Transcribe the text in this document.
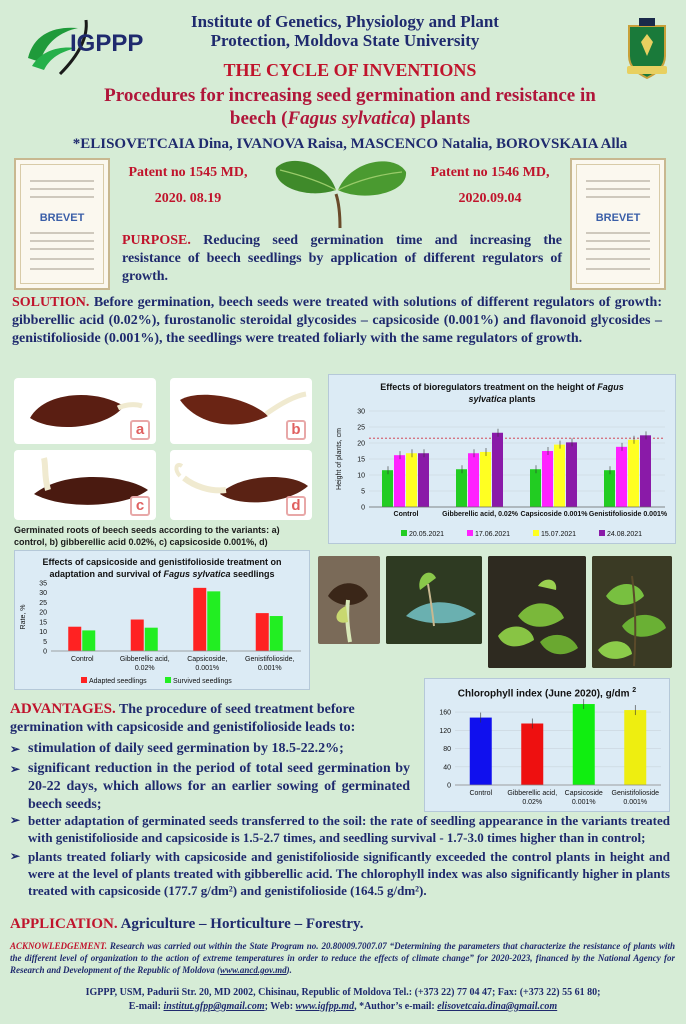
IGPPP
Institute of Genetics, Physiology and Plant Protection, Moldova State University
THE CYCLE OF INVENTIONS
Procedures for increasing seed germination and resistance in beech (Fagus sylvatica) plants
*ELISOVETCAIA Dina, IVANOVA Raisa, MASCENCO Natalia, BOROVSKAIA Alla
BREVET
Patent no 1545 MD,
2020. 08.19
Patent no 1546 MD,
2020.09.04
BREVET
PURPOSE. Reducing seed germination time and increasing the resistance of beech seedlings by application of different regulators of growth.
SOLUTION. Before germination, beech seeds were treated with solutions of different regulators of growth: gibberellic acid (0.02%), furostanolic steroidal glycosides – capsicoside (0.001%) and flavonoid glycosides – genistifolioside (0.001%), the seedlings were treated foliarly with the same regulators of growth.
a	b
c	d
Germinated roots of beech seeds according to the variants: a) control, b) gibberellic acid 0.02%, c) capsicoside 0.001%, d)
Effects of bioregulators treatment on the height of Fagus
sylvatica plants
0
5
10
15
20
25
30
Height of plants, cm
Control	Gibberellic acid, 0.02% Capsicoside 0.001% Genistifolioside 0.001%
20.05.2021	17.06.2021	15.07.2021	24.08.2021
Effects of capsicoside and genistifolioside treatment on adaptation and survival of Fagus sylvatica seedlings
0
5
10
15
20
25
30
35
Rate, %
Control	Gibberellic acid, 0.02%
Capsicoside, 0.001%
Genistifolioside, 0.001%
Adapted seedlings	Survived seedlings
Chlorophyll index (June 2020), g/dm $^2$
0
40
80
120
160
Control Gibberellic acid, 0.02%
Capsicoside 0.001%
Genistifolioside 0.001%
ADVANTAGES. The procedure of seed treatment before germination with capsicoside and genistifolioside leads to:
➢ stimulation of daily seed germination by 18.5-22.2%;
➢ significant reduction in the period of total seed germination by 20-22 days, which allows for an earlier sowing of germinated beech seeds;
➢ better adaptation of germinated seeds transferred to the soil: the rate of seedling appearance in the variants treated with genistifolioside and capsicoside is 1.5-2.7 times, and seedling survival - 1.7-3.0 times higher than in control;
➢ plants treated foliarly with capsicoside and genistifolioside significantly exceeded the control plants in height and were at the level of plants treated with gibberellic acid. The chlorophyll index was also significantly higher in plants treated with capsicoside (177.7 g/dm²) and genistifolioside (164.5 g/dm²).
APPLICATION. Agriculture – Horticulture – Forestry.
ACKNOWLEDGEMENT. Research was carried out within the State Program no. 20.80009.7007.07 “Determining the parameters that characterize the resistance of plants with the different level of organization to the action of extreme temperatures in order to reduce the effects of climate change” for 2020-2023, financed by the National Agency for Research and Development of the Republic of Moldova (www.ancd.gov.md).
IGPPP, USM, Padurii Str. 20, MD 2002, Chisinau, Republic of Moldova Tel.: (+373 22) 77 04 47; Fax: (+373 22) 55 61 80;
E-mail: institut.gfpp@gmail.com; Web: www.igfpp.md, *Author’s e-mail: elisovetcaia.dina@gmail.com
